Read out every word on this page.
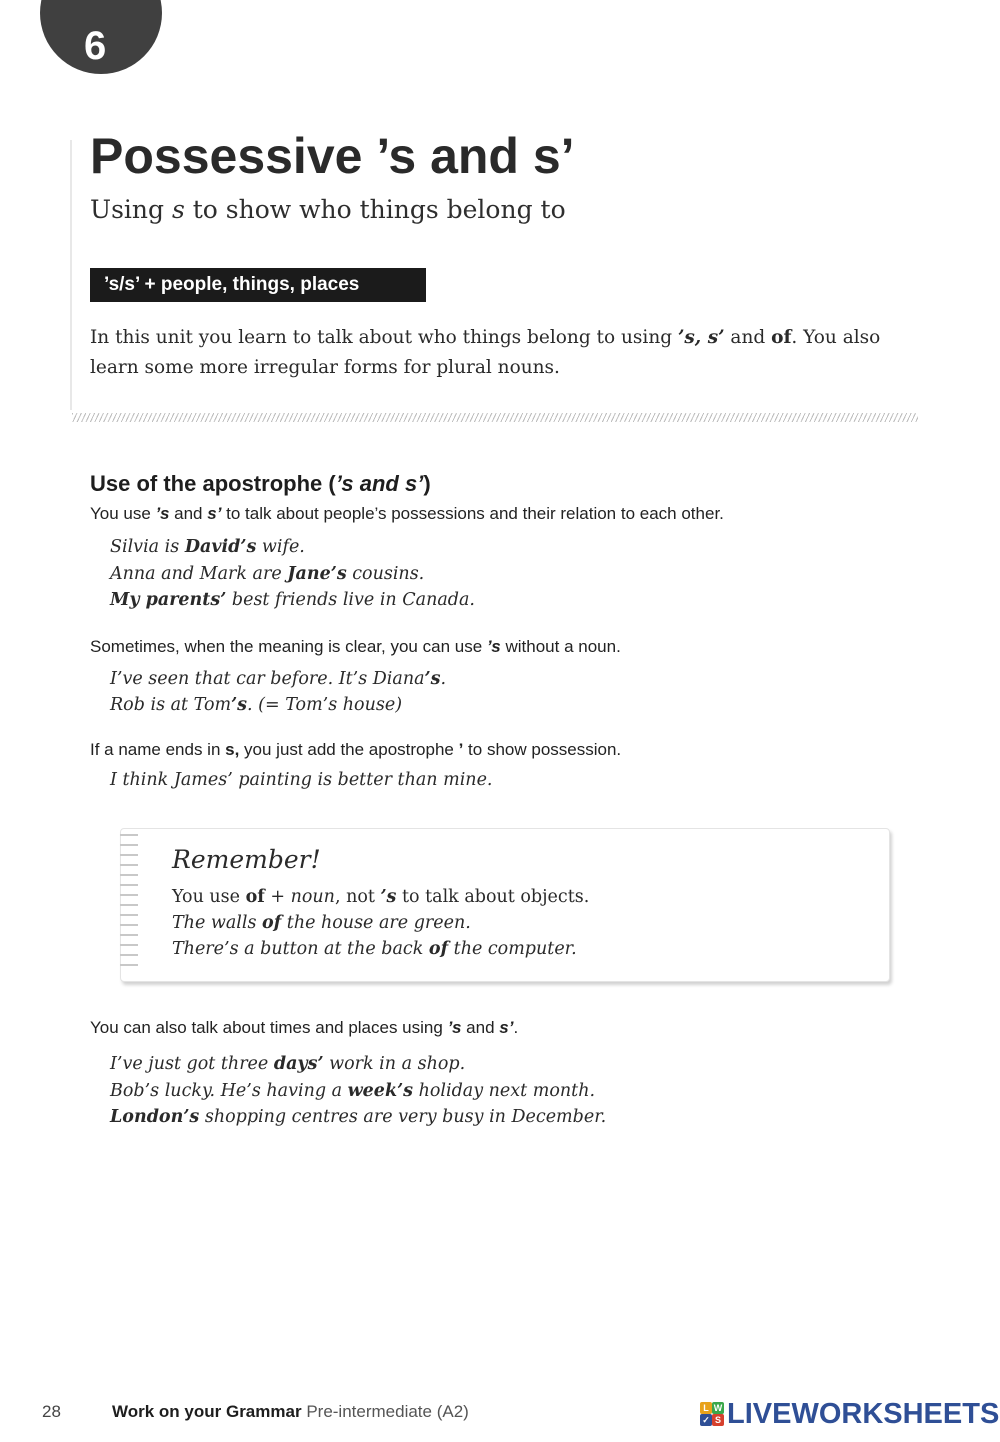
6
Possessive ’s and s’

Using s to show who things belong to

’s/s’ + people, things, places

In this unit you learn to talk about who things belong to using ’s, s’ and of. You also learn some more irregular forms for plural nouns.

Use of the apostrophe (’s and s’)

You use ’s and s’ to talk about people’s possessions and their relation to each other.

Silvia is David’s wife.

Anna and Mark are Jane’s cousins.

My parents’ best friends live in Canada.

Sometimes, when the meaning is clear, you can use ’s without a noun.

I’ve seen that car before. It’s Diana’s.

Rob is at Tom’s. (= Tom’s house)

If a name ends in s, you just add the apostrophe ’ to show possession.

I think James’ painting is better than mine.

Remember!

You use of + noun, not ’s to talk about objects.

The walls of the house are green.

There’s a button at the back of the computer.

You can also talk about times and places using ’s and s’.

I’ve just got three days’ work in a shop.

Bob’s lucky. He’s having a week’s holiday next month.

London’s shopping centres are very busy in December.

28	Work on your Grammar Pre-intermediate (A2)	L W
✓ S LIVEWORKSHEETS
